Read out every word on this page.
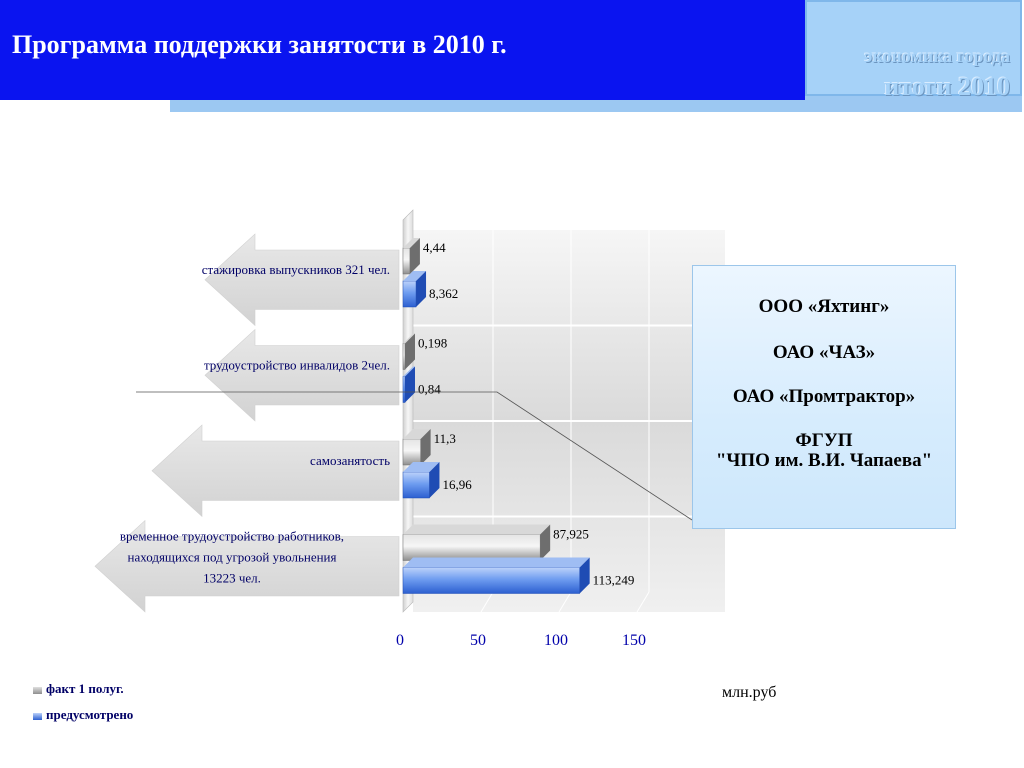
Программа поддержки занятости в 2010 г.	экономика города
итоги 2010
стажировка выпускников 321 чел.
трудоустройство инвалидов 2чел.
самозанятость
временное трудоустройство работников,
находящихся под угрозой увольнения
13223 чел.
4,44
0,198
11,3
87,925
8,362
0,84
16,96
113,249
0	50	100	150
ООО «Яхтинг»
ОАО «ЧАЗ»
ОАО «Промтрактор»
ФГУП
"ЧПО им. В.И. Чапаева"
факт 1 полуг.
предусмотрено
млн.руб
